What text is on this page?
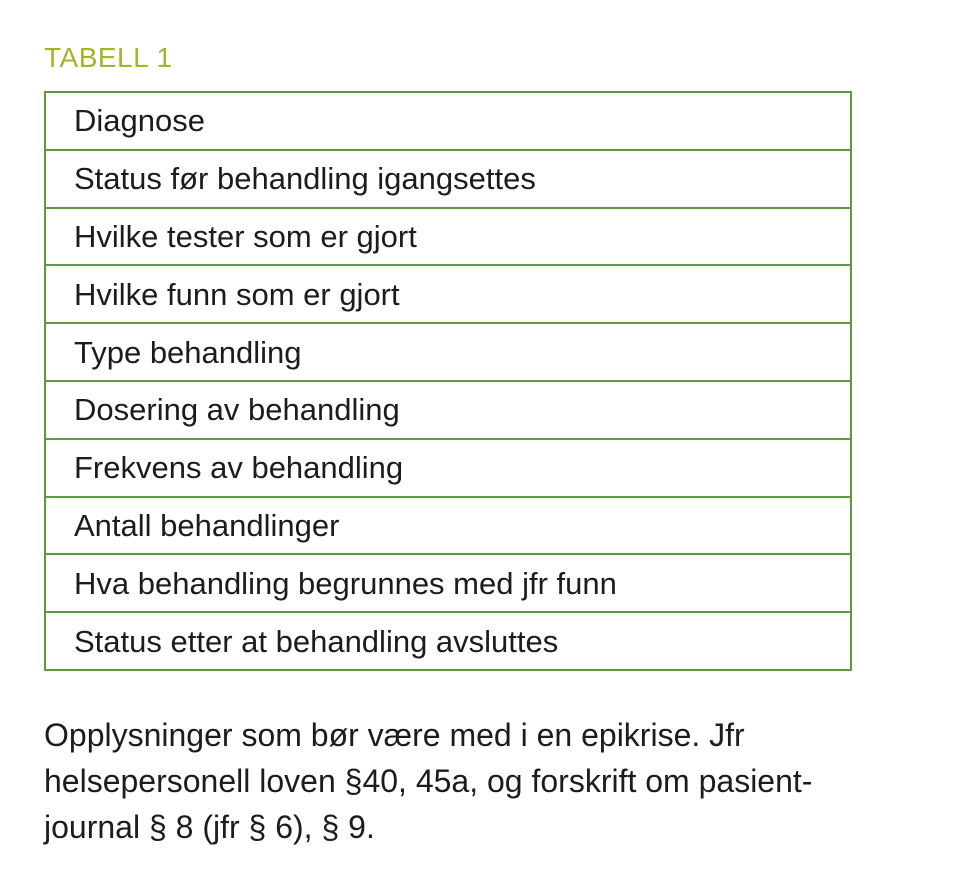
TABELL 1
Diagnose
Status før behandling igangsettes
Hvilke tester som er gjort
Hvilke funn som er gjort
Type behandling
Dosering av behandling
Frekvens av behandling
Antall behandlinger
Hva behandling begrunnes med jfr funn
Status etter at behandling avsluttes
Opplysninger som bør være med i en epikrise. Jfr
helsepersonell loven §40, 45a, og forskrift om pasient-
journal § 8 (jfr § 6), § 9.
